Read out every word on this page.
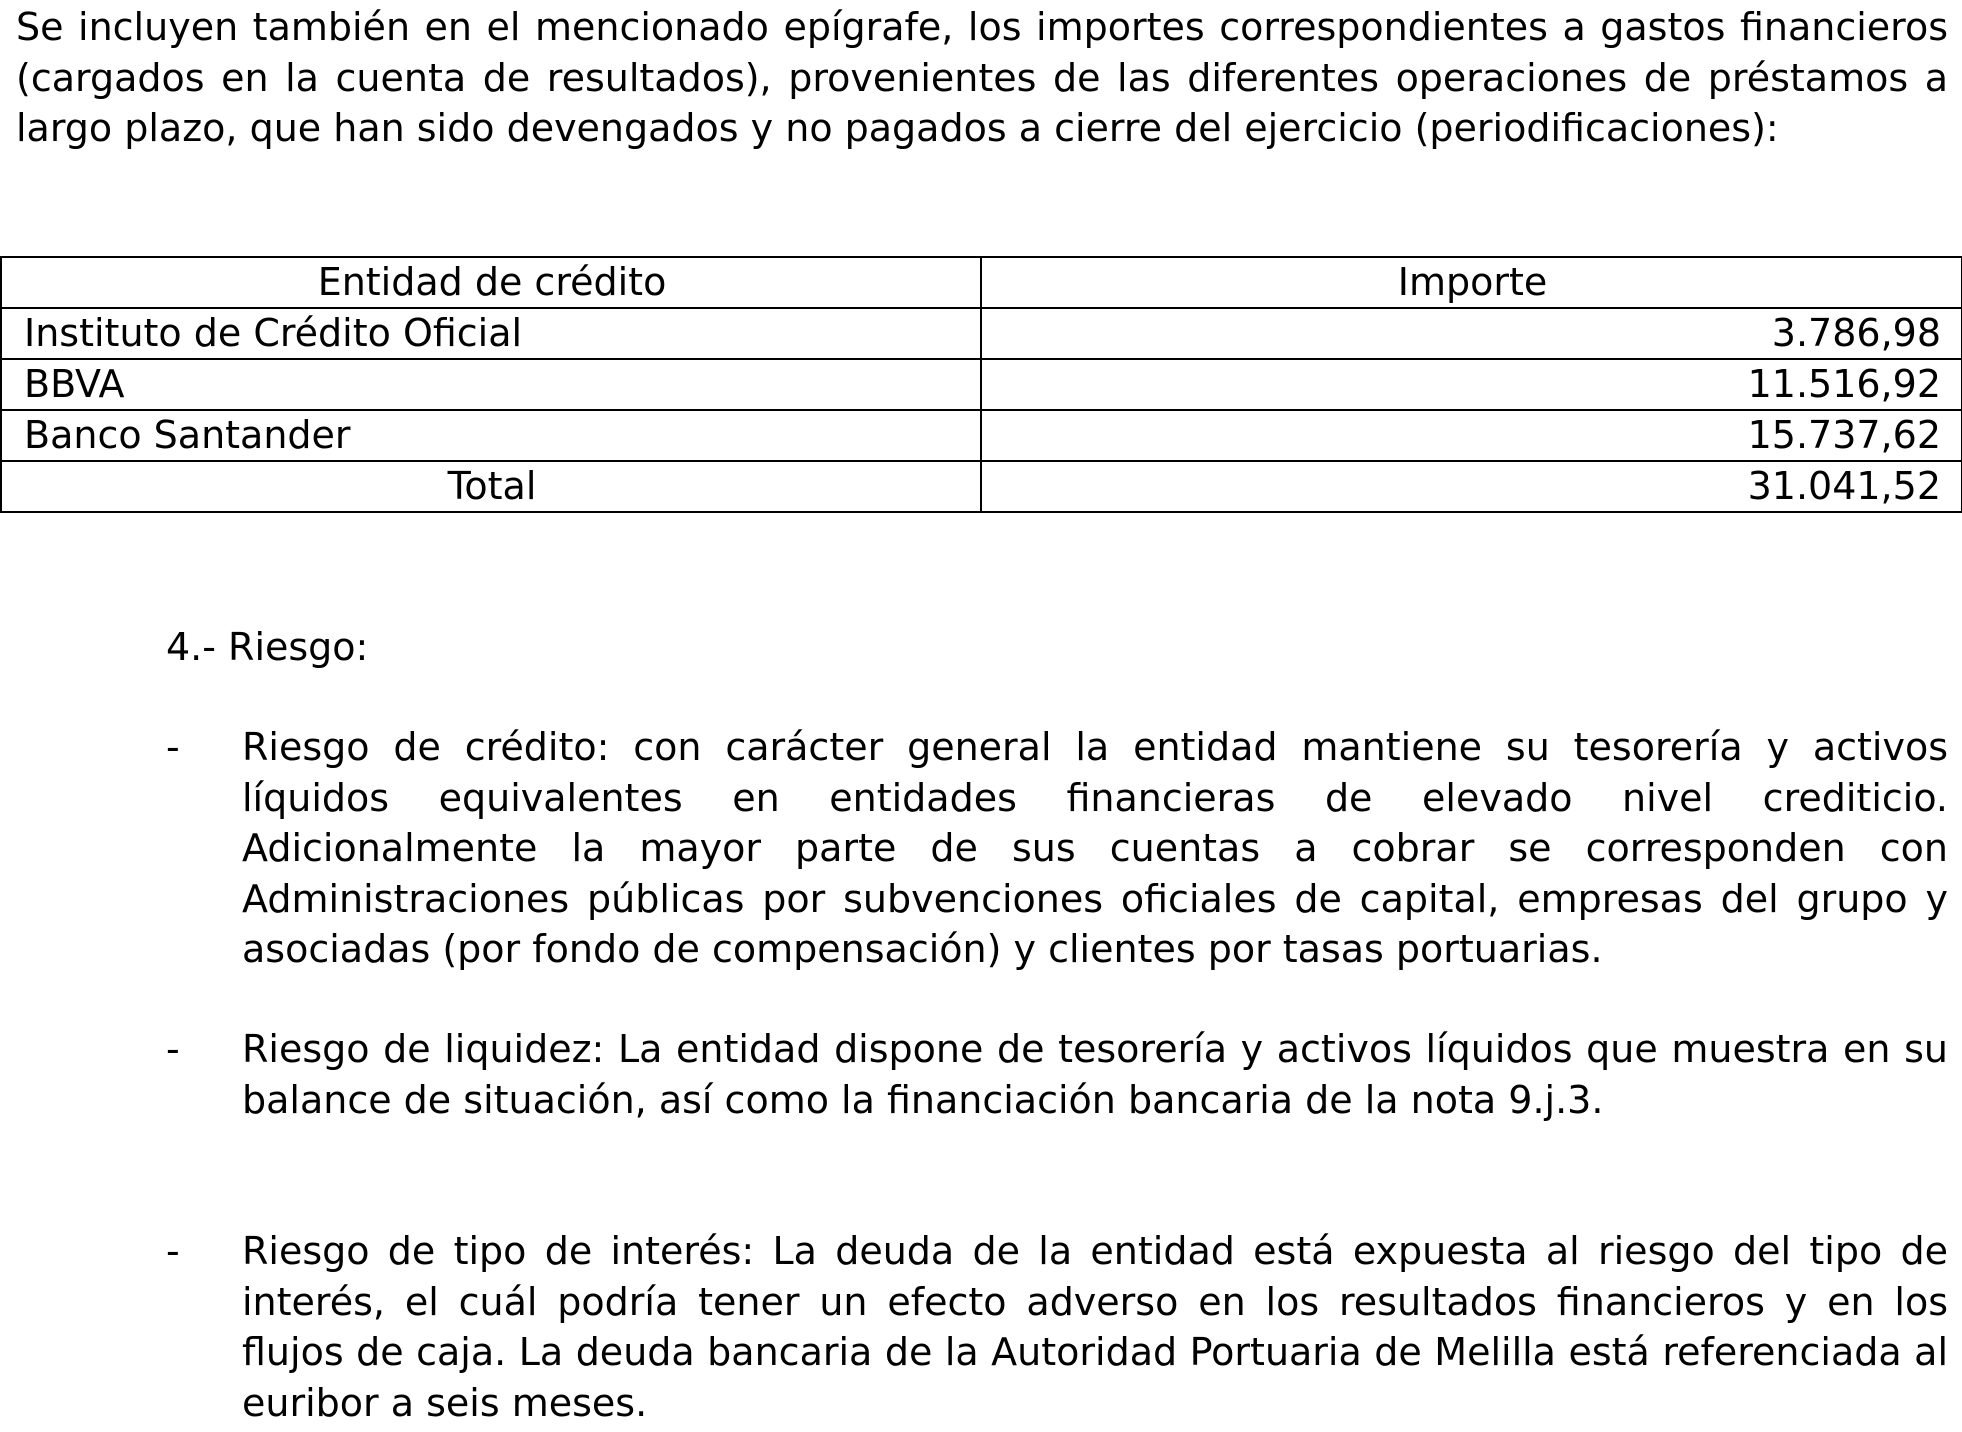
Se incluyen también en el mencionado epígrafe, los importes correspondientes a gastos financieros (cargados en la cuenta de resultados), provenientes de las diferentes operaciones de préstamos a largo plazo, que han sido devengados y no pagados a cierre del ejercicio (periodificaciones):

Entidad de crédito	Importe
Instituto de Crédito Oficial	3.786,98
BBVA	11.516,92
Banco Santander	15.737,62
Total	31.041,52

4.- Riesgo:

-	Riesgo de crédito: con carácter general la entidad mantiene su tesorería y activos líquidos equivalentes en entidades financieras de elevado nivel crediticio. Adicionalmente la mayor parte de sus cuentas a cobrar se corresponden con Administraciones públicas por subvenciones oficiales de capital, empresas del grupo y asociadas (por fondo de compensación) y clientes por tasas portuarias.

-	Riesgo de liquidez: La entidad dispone de tesorería y activos líquidos que muestra en su balance de situación, así como la financiación bancaria de la nota 9.j.3.

-	Riesgo de tipo de interés: La deuda de la entidad está expuesta al riesgo del tipo de interés, el cuál podría tener un efecto adverso en los resultados financieros y en los flujos de caja. La deuda bancaria de la Autoridad Portuaria de Melilla está referenciada al euribor a seis meses.
